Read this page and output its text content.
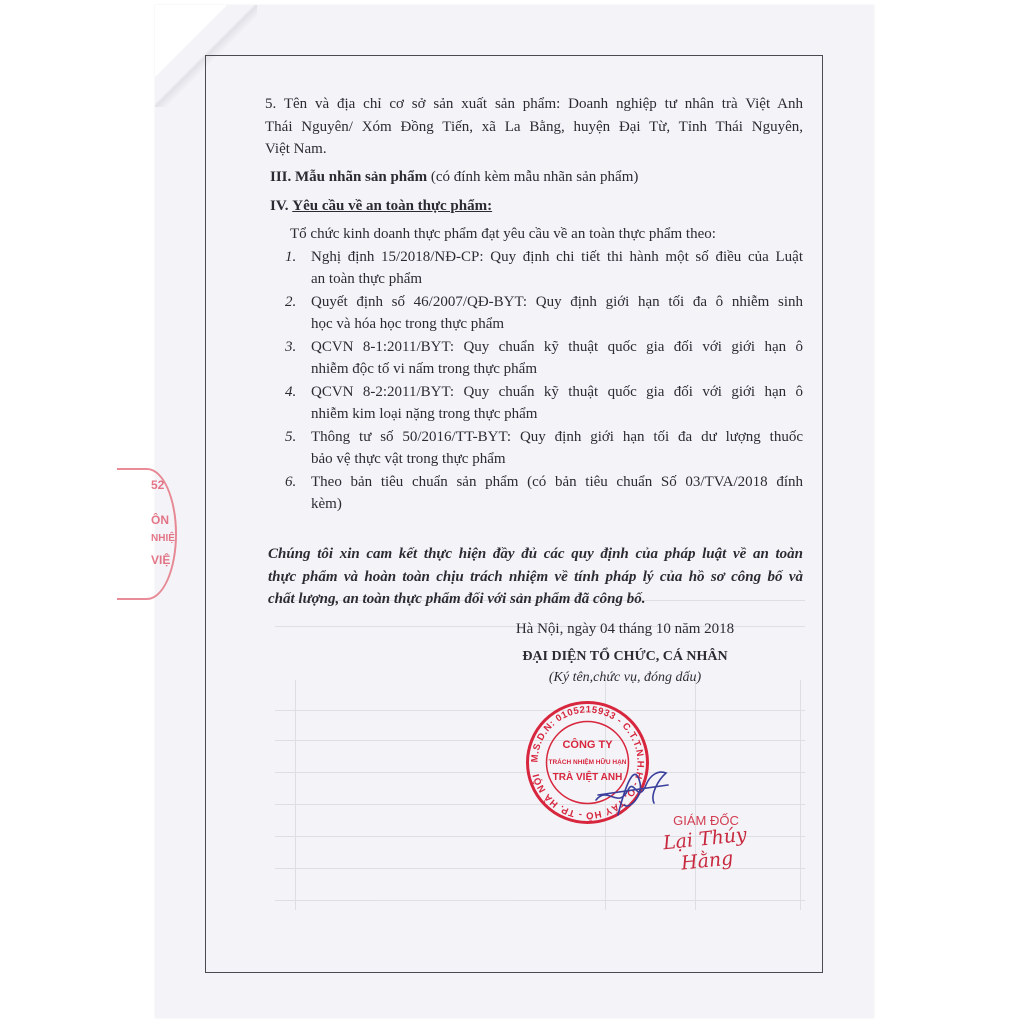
52
ÔN
NHIỆ
VIỆ
5. Tên và địa chỉ cơ sở sản xuất sản phẩm: Doanh nghiệp tư nhân trà Việt Anh
Thái Nguyên/ Xóm Đồng Tiến, xã La Bằng, huyện Đại Từ, Tỉnh Thái Nguyên,
Việt Nam.
III. Mẫu nhãn sản phẩm (có đính kèm mẫu nhãn sản phẩm)
IV. Yêu cầu về an toàn thực phẩm:
Tổ chức kinh doanh thực phẩm đạt yêu cầu về an toàn thực phẩm theo:
1. Nghị định 15/2018/NĐ-CP: Quy định chi tiết thi hành một số điều của Luật
an toàn thực phẩm
2. Quyết định số 46/2007/QĐ-BYT: Quy định giới hạn tối đa ô nhiễm sinh
học và hóa học trong thực phẩm
3. QCVN 8-1:2011/BYT: Quy chuẩn kỹ thuật quốc gia đối với giới hạn ô
nhiễm độc tố vi nấm trong thực phẩm
4. QCVN 8-2:2011/BYT: Quy chuẩn kỹ thuật quốc gia đối với giới hạn ô
nhiễm kim loại nặng trong thực phẩm
5. Thông tư số 50/2016/TT-BYT: Quy định giới hạn tối đa dư lượng thuốc
bảo vệ thực vật trong thực phẩm
6. Theo bản tiêu chuẩn sản phẩm (có bản tiêu chuẩn Số 03/TVA/2018 đính
kèm)
Chúng tôi xin cam kết thực hiện đầy đủ các quy định của pháp luật về an toàn
thực phẩm và hoàn toàn chịu trách nhiệm về tính pháp lý của hồ sơ công bố và
chất lượng, an toàn thực phẩm đối với sản phẩm đã công bố.
Hà Nội, ngày 04 tháng 10 năm 2018
ĐẠI DIỆN TỔ CHỨC, CÁ NHÂN
(Ký tên,chức vụ, đóng dấu)
M.S.D.N: 0105215933 - C.T.T.N.H.H - Q. TÂY HỒ - TP. HÀ NỘI
CÔNG TY
TRÁCH NHIỆM HỮU HẠN
TRÀ VIỆT ANH
GIÁM ĐỐC
Lại Thúy Hằng
